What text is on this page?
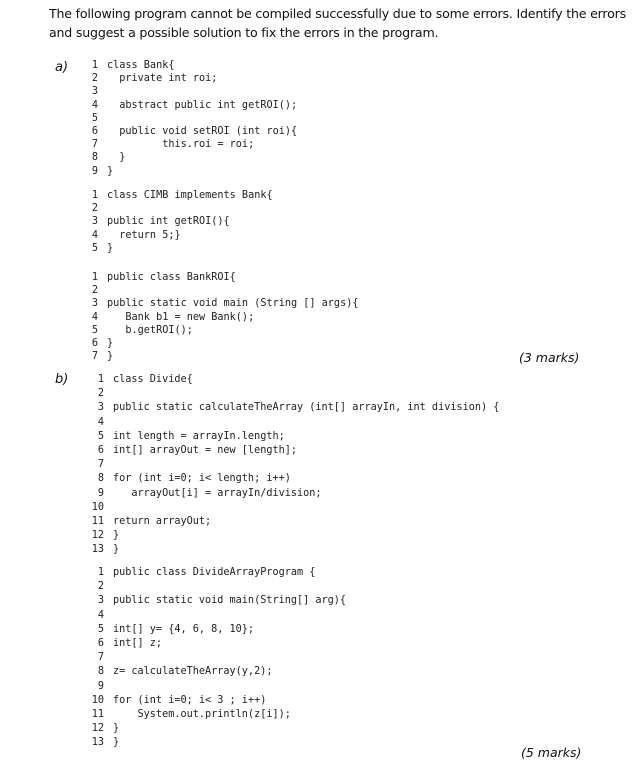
The following program cannot be compiled successfully due to some errors. Identify the errors
and suggest a possible solution to fix the errors in the program.
a)
b)
1 class Bank{
2  private int roi;
3
4  abstract public int getROI();
5
6  public void setROI (int roi){
7         this.roi = roi;
8  }
9 }
1 class CIMB implements Bank{
2
3 public int getROI(){
4  return 5;}
5 }
1 public class BankROI{
2
3 public static void main (String [] args){
4   Bank b1 = new Bank();
5   b.getROI();
6 }
7 }	(3 marks)
1 class Divide{
2
3 public static calculateTheArray (int[] arrayIn, int division) {
4
5 int length = arrayIn.length;
6 int[] arrayOut = new [length];
7
8 for (int i=0; i< length; i++)
9   arrayOut[i] = arrayIn/division;
10
11 return arrayOut;
12 }
13 }
1 public class DivideArrayProgram {
2
3 public static void main(String[] arg){
4
5 int[] y= {4, 6, 8, 10};
6 int[] z;
7
8 z= calculateTheArray(y,2);
9
10 for (int i=0; i< 3 ; i++)
11    System.out.println(z[i]);
12 }
13 }
(5 marks)
